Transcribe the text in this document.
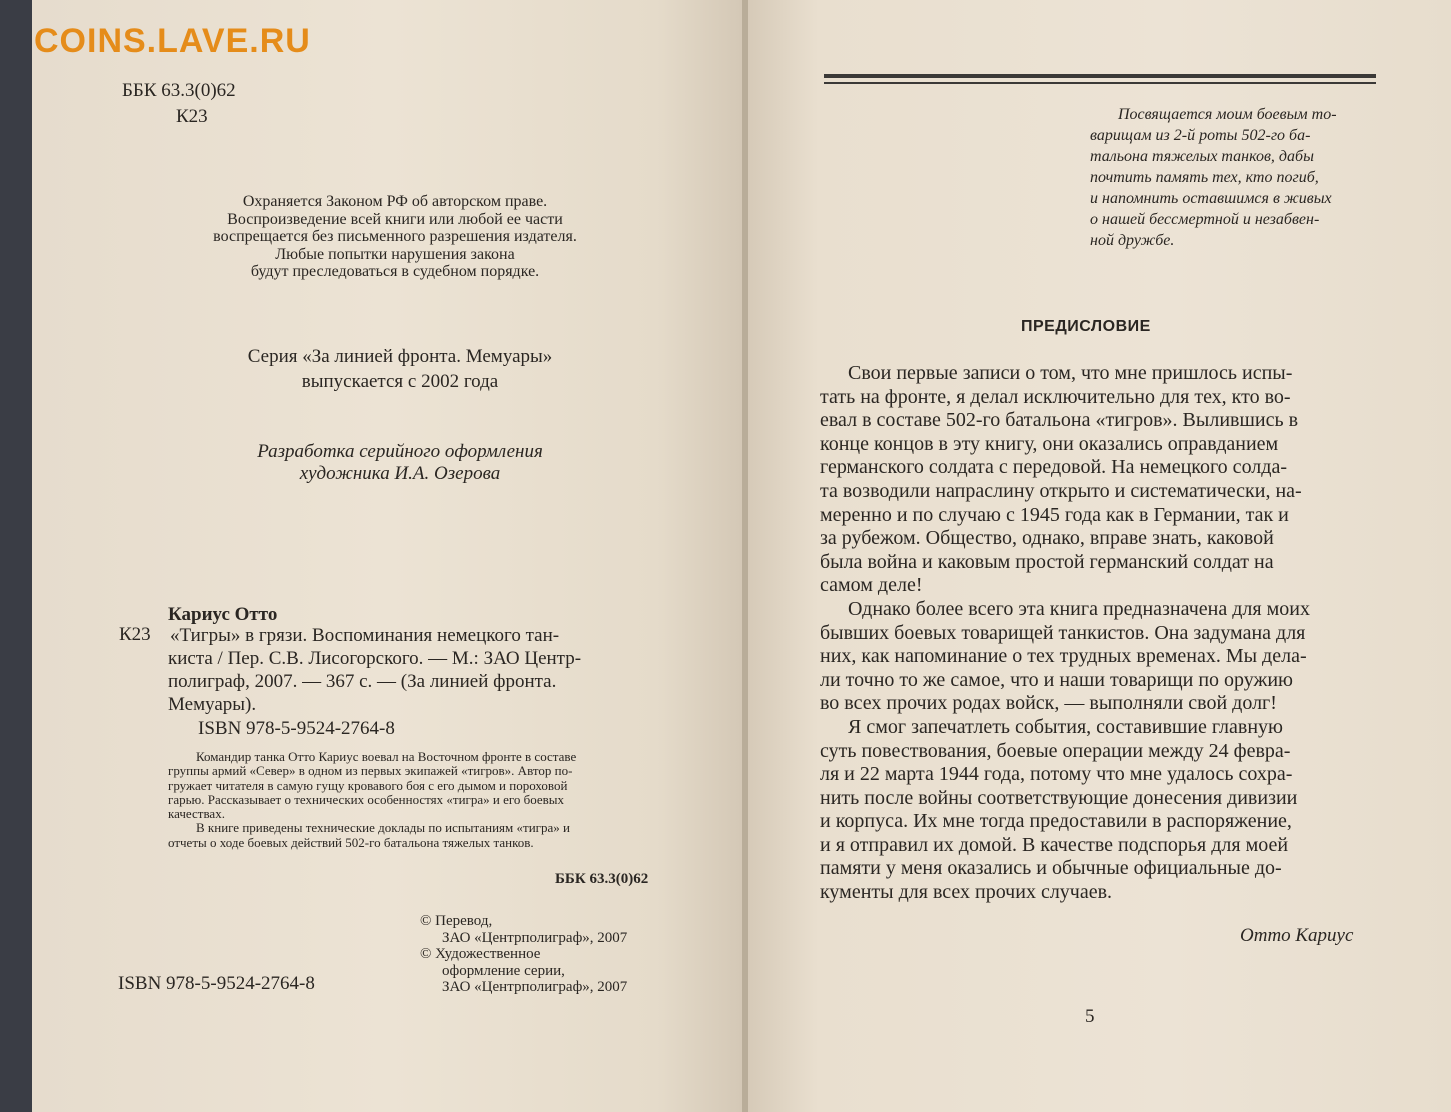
COINS.LAVE.RU
ББК 63.3(0)62
К23
Охраняется Законом РФ об авторском праве.
Воспроизведение всей книги или любой ее части
воспрещается без письменного разрешения издателя.
Любые попытки нарушения закона
будут преследоваться в судебном порядке.
Серия «За линией фронта. Мемуары»
выпускается с 2002 года
Разработка серийного оформления
художника И.А. Озерова
Кариус Отто
К23 «Тигры» в грязи. Воспоминания немецкого тан-
киста / Пер. С.В. Лисогорского. — М.: ЗАО Центр-
полиграф, 2007. — 367 с. — (За линией фронта.
Мемуары).
ISBN 978-5-9524-2764-8
Командир танка Отто Кариус воевал на Восточном фронте в составе
группы армий «Север» в одном из первых экипажей «тигров». Автор по-
гружает читателя в самую гущу кровавого боя с его дымом и пороховой
гарью. Рассказывает о технических особенностях «тигра» и его боевых
качествах.
В книге приведены технические доклады по испытаниям «тигра» и
отчеты о ходе боевых действий 502-го батальона тяжелых танков.
ББК 63.3(0)62
© Перевод,
ЗАО «Центрполиграф», 2007
© Художественное
оформление серии,
ЗАО «Центрполиграф», 2007
ISBN 978-5-9524-2764-8
Посвящается моим боевым то-
варищам из 2-й роты 502-го ба-
тальона тяжелых танков, дабы
почтить память тех, кто погиб,
и напомнить оставшимся в живых
о нашей бессмертной и незабвен-
ной дружбе.
ПРЕДИСЛОВИЕ
Свои первые записи о том, что мне пришлось испы-
тать на фронте, я делал исключительно для тех, кто во-
евал в составе 502-го батальона «тигров». Вылившись в
конце концов в эту книгу, они оказались оправданием
германского солдата с передовой. На немецкого солда-
та возводили напраслину открыто и систематически, на-
меренно и по случаю с 1945 года как в Германии, так и
за рубежом. Общество, однако, вправе знать, каковой
была война и каковым простой германский солдат на
самом деле!
Однако более всего эта книга предназначена для моих
бывших боевых товарищей танкистов. Она задумана для
них, как напоминание о тех трудных временах. Мы дела-
ли точно то же самое, что и наши товарищи по оружию
во всех прочих родах войск, — выполняли свой долг!
Я смог запечатлеть события, составившие главную
суть повествования, боевые операции между 24 февра-
ля и 22 марта 1944 года, потому что мне удалось сохра-
нить после войны соответствующие донесения дивизии
и корпуса. Их мне тогда предоставили в распоряжение,
и я отправил их домой. В качестве подспорья для моей
памяти у меня оказались и обычные официальные до-
кументы для всех прочих случаев.
Отто Кариус
5
